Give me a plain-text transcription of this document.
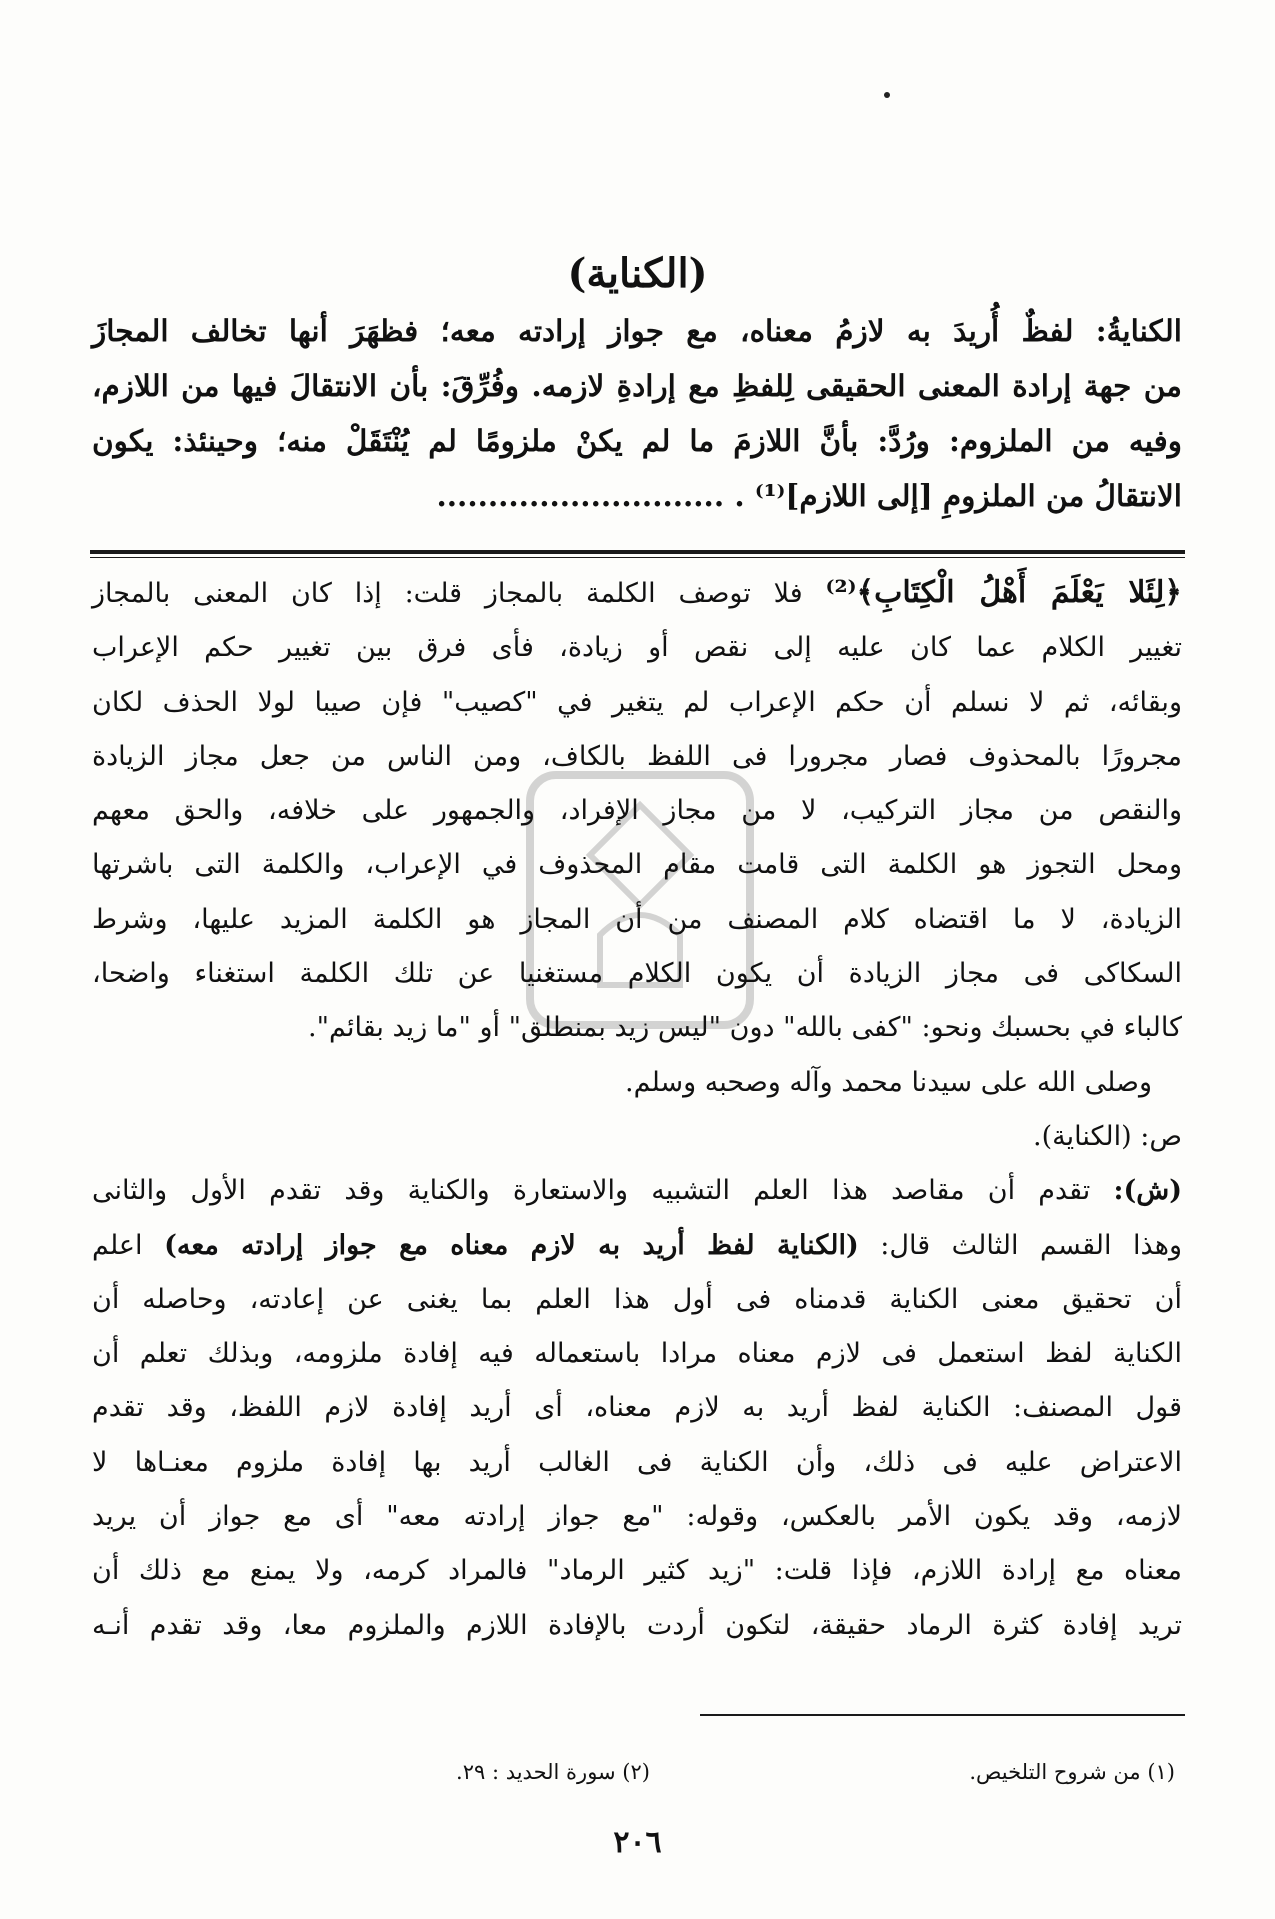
(الكناية)

الكنايةُ: لفظٌ أُريدَ به لازمُ معناه، مع جواز إرادته معه؛ فظهَرَ أنها تخالف المجازَ

من جهة إرادة المعنى الحقيقى لِلفظِ مع إرادةِ لازمه. وفُرِّقَ: بأن الانتقالَ فيها من اللازم،

وفيه من الملزوم: ورُدَّ: بأنَّ اللازمَ ما لم يكنْ ملزومًا لم يُنْتَقَلْ منه؛ وحينئذ: يكون

الانتقالُ من الملزومِ [إلى اللازم]⁽¹⁾ . ............................

﴿لِئَلا يَعْلَمَ أَهْلُ الْكِتَابِ﴾⁽²⁾ فلا توصف الكلمة بالمجاز قلت: إذا كان المعنى بالمجاز

تغيير الكلام عما كان عليه إلى نقص أو زيادة، فأى فرق بين تغيير حكم الإعراب

وبقائه، ثم لا نسلم أن حكم الإعراب لم يتغير في "كصيب" فإن صيبا لولا الحذف لكان

مجرورًا بالمحذوف فصار مجرورا فى اللفظ بالكاف، ومن الناس من جعل مجاز الزيادة

والنقص من مجاز التركيب، لا من مجاز الإفراد، والجمهور على خلافه، والحق معهم

ومحل التجوز هو الكلمة التى قامت مقام المحذوف في الإعراب، والكلمة التى باشرتها

الزيادة، لا ما اقتضاه كلام المصنف من أن المجاز هو الكلمة المزيد عليها، وشرط

السكاكى فى مجاز الزيادة أن يكون الكلام مستغنيا عن تلك الكلمة استغناء واضحا،

كالباء في بحسبك ونحو: "كفى بالله" دون "ليس زيد بمنطلق" أو "ما زيد بقائم".

وصلى الله على سيدنا محمد وآله وصحبه وسلم.

ص: (الكناية).

(ش): تقدم أن مقاصد هذا العلم التشبيه والاستعارة والكناية وقد تقدم الأول والثانى

وهذا القسم الثالث قال: (الكناية لفظ أريد به لازم معناه مع جواز إرادته معه) اعلم

أن تحقيق معنى الكناية قدمناه فى أول هذا العلم بما يغنى عن إعادته، وحاصله أن

الكناية لفظ استعمل فى لازم معناه مرادا باستعماله فيه إفادة ملزومه، وبذلك تعلم أن

قول المصنف: الكناية لفظ أريد به لازم معناه، أى أريد إفادة لازم اللفظ، وقد تقدم

الاعتراض عليه فى ذلك، وأن الكناية فى الغالب أريد بها إفادة ملزوم معنـاها لا

لازمه، وقد يكون الأمر بالعكس، وقوله: "مع جواز إرادته معه" أى مع جواز أن يريد

معناه مع إرادة اللازم، فإذا قلت: "زيد كثير الرماد" فالمراد كرمه، ولا يمنع مع ذلك أن

تريد إفادة كثرة الرماد حقيقة، لتكون أردت بالإفادة اللازم والملزوم معا، وقد تقدم أنـه

(١) من شروح التلخيص.
(٢) سورة الحديد : ٢٩.
٢٠٦
